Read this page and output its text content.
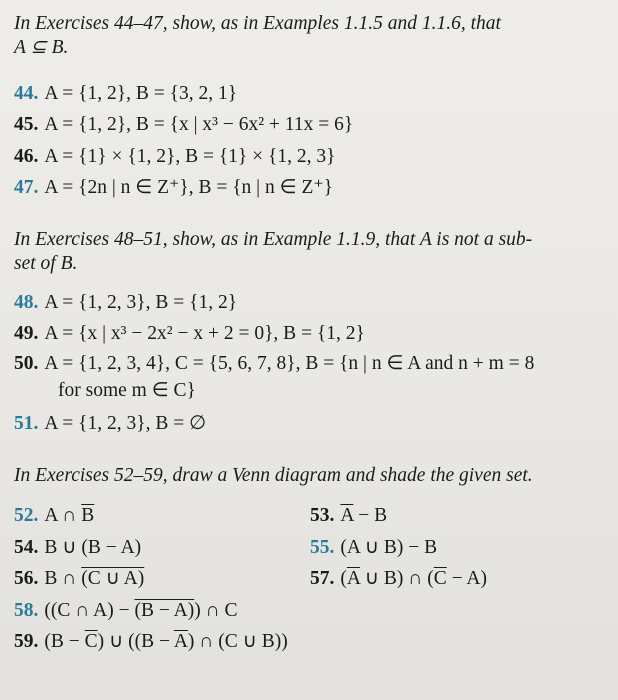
In Exercises 44–47, show, as in Examples 1.1.5 and 1.1.6, that
A ⊆ B.
44. A = {1, 2}, B = {3, 2, 1}
45. A = {1, 2}, B = {x | x³ − 6x² + 11x = 6}
46. A = {1} × {1, 2}, B = {1} × {1, 2, 3}
47. A = {2n | n ∈ Z⁺}, B = {n | n ∈ Z⁺}
In Exercises 48–51, show, as in Example 1.1.9, that A is not a sub-
set of B.
48. A = {1, 2, 3}, B = {1, 2}
49. A = {x | x³ − 2x² − x + 2 = 0}, B = {1, 2}
50. A = {1, 2, 3, 4}, C = {5, 6, 7, 8}, B = {n | n ∈ A and n + m = 8
for some m ∈ C}
51. A = {1, 2, 3}, B = ∅
In Exercises 52–59, draw a Venn diagram and shade the given set.
52. A ∩ $\overline{B}$	53. $\overline{A} - B$
54. B ∪ (B − A)	55. (A ∪ B) − B
56. B ∩ (C ∪ A)	57. ($\overline{A}$ ∪ B) ∩ $(\overline{C} - A)$
58. ((C ∩ A) − (B − A)) ∩ C
59. $(B - \overline{C})$ ∪ ($(B - \overline{A})$ ∩ (C ∪ B))
